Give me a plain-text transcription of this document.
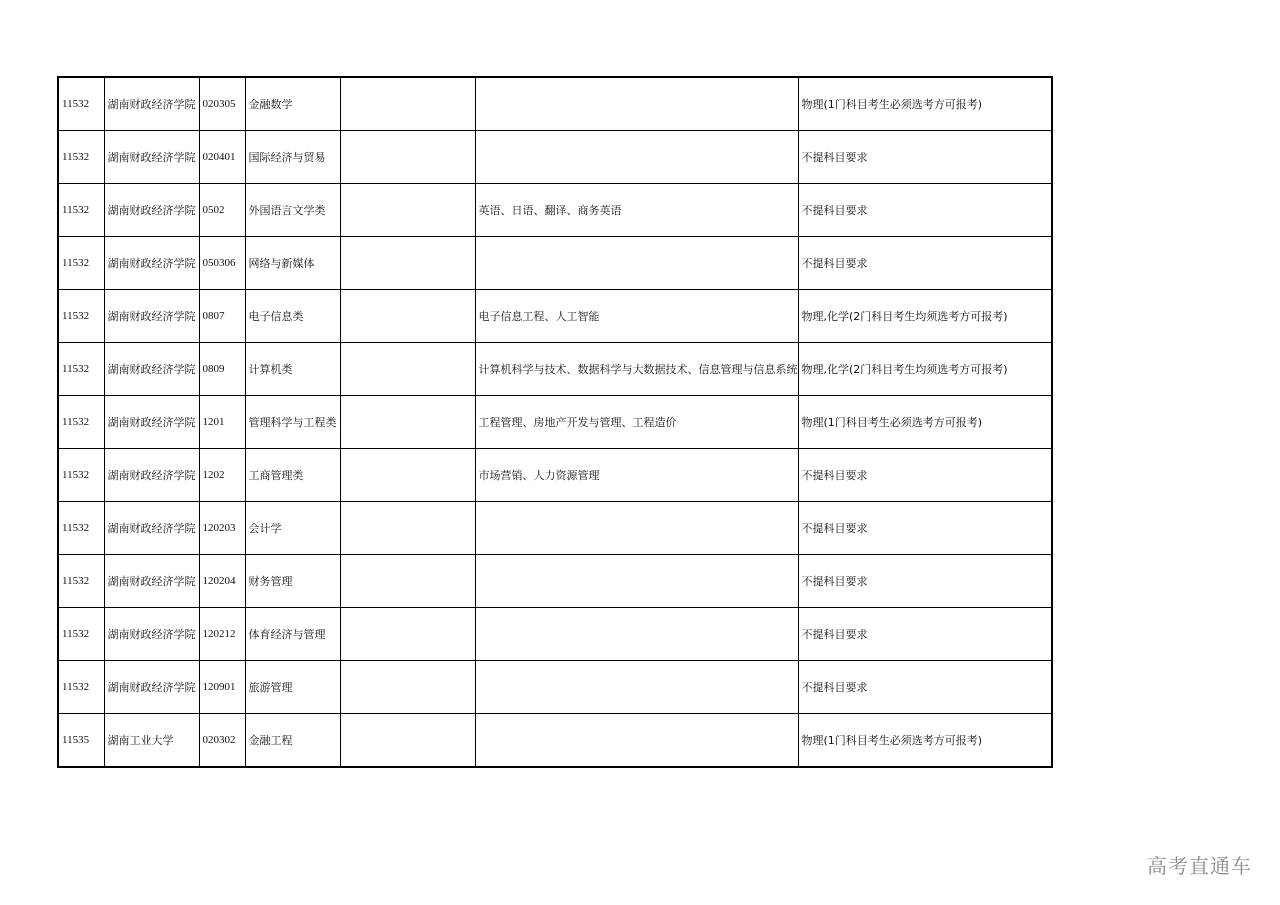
11532	湖南财政经济学院	020305	金融数学			物理(1门科目考生必须选考方可报考)
11532	湖南财政经济学院	020401	国际经济与贸易			不提科目要求
11532	湖南财政经济学院	0502	外国语言文学类		英语、日语、翻译、商务英语	不提科目要求
11532	湖南财政经济学院	050306	网络与新媒体			不提科目要求
11532	湖南财政经济学院	0807	电子信息类		电子信息工程、人工智能	物理,化学(2门科目考生均须选考方可报考)
11532	湖南财政经济学院	0809	计算机类		计算机科学与技术、数据科学与大数据技术、信息管理与信息系统	物理,化学(2门科目考生均须选考方可报考)
11532	湖南财政经济学院	1201	管理科学与工程类		工程管理、房地产开发与管理、工程造价	物理(1门科目考生必须选考方可报考)
11532	湖南财政经济学院	1202	工商管理类		市场营销、人力资源管理	不提科目要求
11532	湖南财政经济学院	120203	会计学			不提科目要求
11532	湖南财政经济学院	120204	财务管理			不提科目要求
11532	湖南财政经济学院	120212	体育经济与管理			不提科目要求
11532	湖南财政经济学院	120901	旅游管理			不提科目要求
11535	湖南工业大学	020302	金融工程			物理(1门科目考生必须选考方可报考)
高考直通车
